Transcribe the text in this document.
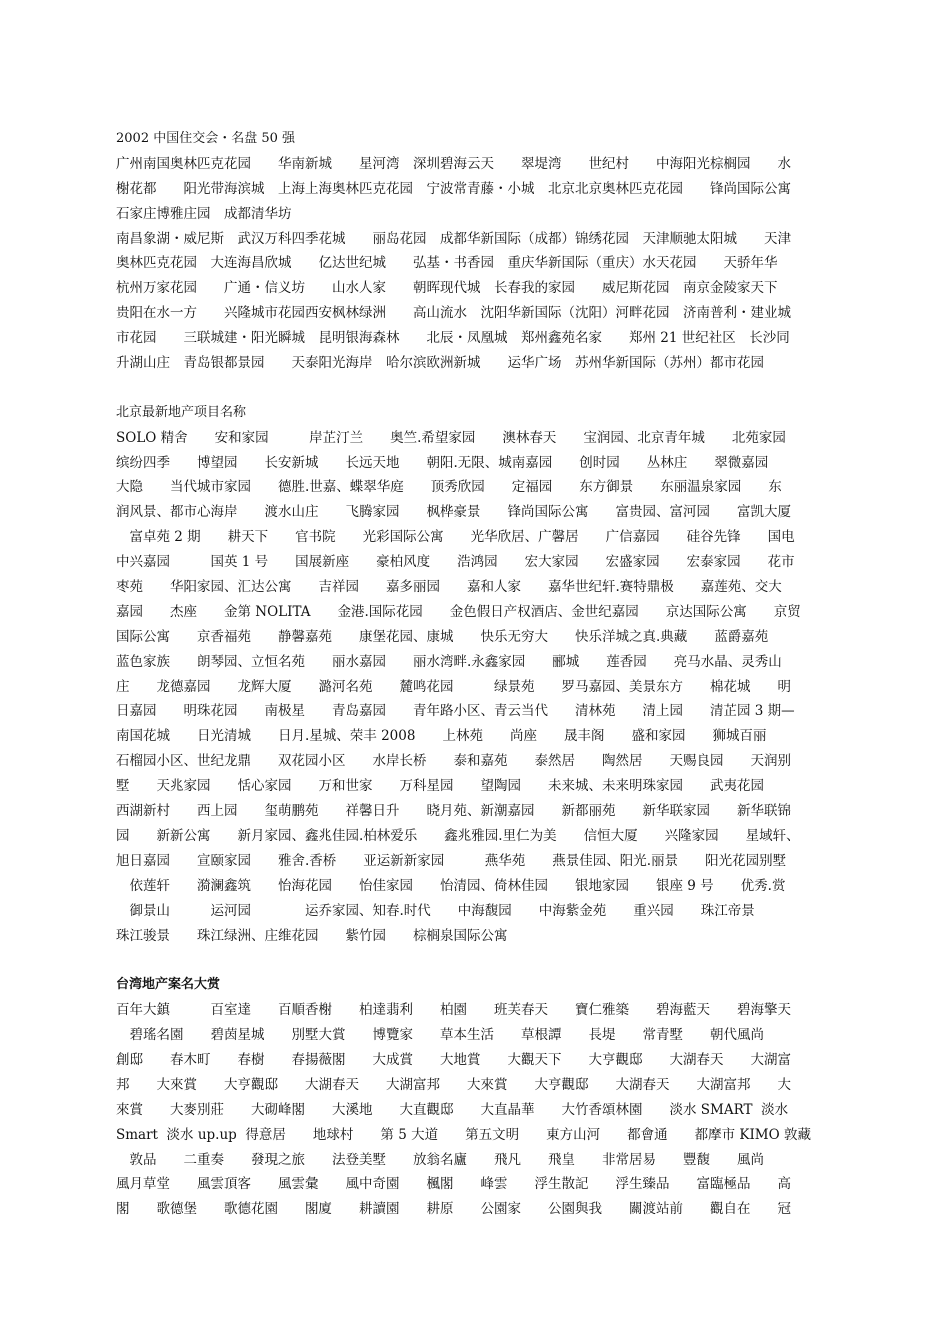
2002 中国住交会・名盘 50 强
广州南国奥林匹克花园　　华南新城　　星河湾　深圳碧海云天　　翠堤湾　　世纪村　　中海阳光棕榈园　　水
榭花都　　阳光带海滨城　上海上海奥林匹克花园　宁波常青藤・小城　北京北京奥林匹克花园　　锋尚国际公寓
石家庄博雅庄园　成都清华坊
南昌象湖・威尼斯　武汉万科四季花城　　丽岛花园　成都华新国际（成都）锦绣花园　天津顺驰太阳城　　天津
奥林匹克花园　大连海昌欣城　　亿达世纪城　　弘基・书香园　重庆华新国际（重庆）水天花园　　天骄年华
杭州万家花园　　广通・信义坊　　山水人家　　朝晖现代城　长春我的家园　　威尼斯花园　南京金陵家天下
贵阳在水一方　　兴隆城市花园西安枫林绿洲　　高山流水　沈阳华新国际（沈阳）河畔花园　济南普利・建业城
市花园　　三联城建・阳光瞬城　昆明银海森林　　北辰・凤凰城　郑州鑫苑名家　　郑州 21 世纪社区　长沙同
升湖山庄　青岛银都景园　　天泰阳光海岸　哈尔滨欧洲新城　　运华广场　苏州华新国际（苏州）都市花园
北京最新地产项目名称
SOLO 精舍　　安和家园　　　岸芷汀兰　　奥竺.希望家园　　澳林春天　　宝润园、北京青年城　　北苑家园
缤纷四季　　博望园　　长安新城　　长远天地　　朝阳.无限、城南嘉园　　创时园　　丛林庄　　翠微嘉园
大隐　　当代城市家园　　德胜.世嘉、蝶翠华庭　　顶秀欣园　　定福园　　东方御景　　东丽温泉家园　　东
润风景、都市心海岸　　渡水山庄　　飞腾家园　　枫桦豪景　　锋尚国际公寓　　富贵园、富河园　　富凯大厦
　富卓苑 2 期　　耕天下　　官书院　　光彩国际公寓　　光华欣居、广馨居　　广信嘉园　　硅谷先锋　　国电
中兴嘉园　　　国英 1 号　　国展新座　　豪柏风度　　浩鸿园　　宏大家园　　宏盛家园　　宏泰家园　　花市
枣苑　　华阳家园、汇达公寓　　吉祥园　　嘉多丽园　　嘉和人家　　嘉华世纪轩.赛特鼎极　　嘉莲苑、交大
嘉园　　杰座　　金第 NOLITA　　金港.国际花园　　金色假日产权酒店、金世纪嘉园　　京达国际公寓　　京贸
国际公寓　　京香福苑　　静馨嘉苑　　康堡花园、康城　　快乐无穷大　　快乐洋城之真.典藏　　蓝爵嘉苑
蓝色家族　　朗琴园、立恒名苑　　丽水嘉园　　丽水湾畔.永鑫家园　　郦城　　莲香园　　亮马水晶、灵秀山
庄　　龙德嘉园　　龙辉大厦　　潞河名苑　　麓鸣花园　　　绿景苑　　罗马嘉园、美景东方　　棉花城　　明
日嘉园　　明珠花园　　南极星　　青岛嘉园　　青年路小区、青云当代　　清林苑　　清上园　　清芷园 3 期—
南国花城　　日光清城　　日月.星城、荣丰 2008　　上林苑　　尚座　　晟丰阁　　盛和家园　　狮城百丽
石榴园小区、世纪龙鼎　　双花园小区　　水岸长桥　　泰和嘉苑　　泰然居　　陶然居　　天赐良园　　天润别
墅　　天兆家园　　恬心家园　　万和世家　　万科星园　　望陶园　　未来城、未来明珠家园　　武夷花园
西湖新村　　西上园　　玺萌鹏苑　　祥馨日升　　晓月苑、新潮嘉园　　新都丽苑　　新华联家园　　新华联锦
园　　新新公寓　　新月家园、鑫兆佳园.柏林爱乐　　鑫兆雅园.里仁为美　　信恒大厦　　兴隆家园　　星域轩、
旭日嘉园　　宣颐家园　　雅舍.香桥　　亚运新新家园　　　燕华苑　　燕景佳园、阳光.丽景　　阳光花园别墅
　依莲轩　　漪澜鑫筑　　怡海花园　　怡佳家园　　怡清园、倚林佳园　　银地家园　　银座 9 号　　优秀.赏
　御景山　　　运河园　　　　运乔家园、知春.时代　　中海馥园　　中海紫金苑　　重兴园　　珠江帝景
珠江骏景　　珠江绿洲、庄维花园　　紫竹园　　棕榈泉国际公寓
台湾地产案名大赏
百年大鎮　　　百室達　　百順香榭　　柏達翡利　　柏園　　班芙春天　　寶仁雅築　　碧海藍天　　碧海擎天
　碧瑤名園　　碧茵星城　　別墅大賞　　博覽家　　草本生活　　草根譚　　長堤　　常青墅　　朝代風尚
創邸　　春木町　　春樹　　春揚薇閣　　大成賞　　大地賞　　大觀天下　　大亨觀邸　　大湖春天　　大湖富
邦　　大來賞　　大亨觀邸　　大湖春天　　大湖富邦　　大來賞　　大亨觀邸　　大湖春天　　大湖富邦　　大
來賞　　大麥別莊　　大砌峰閣　　大溪地　　大直觀邸　　大直晶華　　大竹香頌林園　　淡水 SMART  淡水
Smart  淡水 up.up  得意居　　地球村　　第 5 大道　　第五文明　　東方山河　　都會通　　都摩市 KIMO 敦藏
　敦品　　二重奏　　發現之旅　　法登美墅　　放翁名廬　　飛凡　　飛皇　　非常居易　　豐馥　　風尚
風月草堂　　風雲頂客　　風雲彙　　風中奇園　　楓閣　　峰雲　　浮生散記　　浮生臻品　　富臨極品　　高
閣　　歌德堡　　歌德花園　　閣廈　　耕讀園　　耕原　　公園家　　公園與我　　關渡站前　　觀自在　　冠
